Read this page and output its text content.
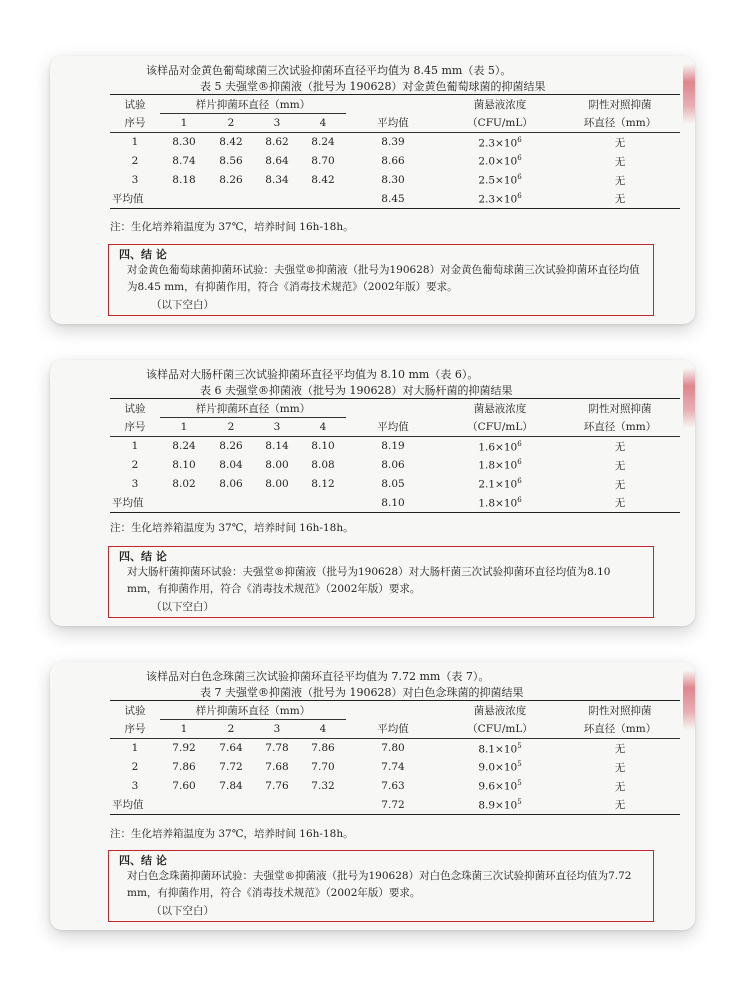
该样品对金黄色葡萄球菌三次试验抑菌环直径平均值为 8.45 mm（表 5）。
表 5 夫强堂®抑菌液（批号为 190628）对金黄色葡萄球菌的抑菌结果
试验	样片抑菌环直径（mm）					菌悬液浓度	阴性对照抑菌
序号	1	2	3	4	平均值	（CFU/mL）	环直径（mm）
1	8.30	8.42	8.62	8.24	8.39	$2.3\times 10^6$	无
2	8.74	8.56	8.64	8.70	8.66	$2.0\times 10^6$	无
3	8.18	8.26	8.34	8.42	8.30	$2.5\times 10^6$	无
平均值					8.45	$2.3\times 10^6$	无
注：生化培养箱温度为 37℃，培养时间 16h-18h。
四、结 论
对金黄色葡萄球菌抑菌环试验：夫强堂®抑菌液（批号为190628）对金黄色葡萄球菌三次试验抑菌环直径均值为8.45 mm，有抑菌作用，符合《消毒技术规范》（2002年版）要求。
（以下空白）
该样品对大肠杆菌三次试验抑菌环直径平均值为 8.10 mm（表 6）。
表 6 夫强堂®抑菌液（批号为 190628）对大肠杆菌的抑菌结果
试验	样片抑菌环直径（mm）					菌悬液浓度	阴性对照抑菌
序号	1	2	3	4	平均值	（CFU/mL）	环直径（mm）
1	8.24	8.26	8.14	8.10	8.19	$1.6\times 10^6$	无
2	8.10	8.04	8.00	8.08	8.06	$1.8\times 10^6$	无
3	8.02	8.06	8.00	8.12	8.05	$2.1\times 10^6$	无
平均值					8.10	$1.8\times 10^6$	无
注：生化培养箱温度为 37℃，培养时间 16h-18h。
四、结 论
对大肠杆菌抑菌环试验：夫强堂®抑菌液（批号为190628）对大肠杆菌三次试验抑菌环直径均值为8.10 mm，有抑菌作用，符合《消毒技术规范》（2002年版）要求。
（以下空白）
该样品对白色念珠菌三次试验抑菌环直径平均值为 7.72 mm（表 7）。
表 7 夫强堂®抑菌液（批号为 190628）对白色念珠菌的抑菌结果
试验	样片抑菌环直径（mm）					菌悬液浓度	阴性对照抑菌
序号	1	2	3	4	平均值	（CFU/mL）	环直径（mm）
1	7.92	7.64	7.78	7.86	7.80	$8.1\times 10^5$	无
2	7.86	7.72	7.68	7.70	7.74	$9.0\times 10^5$	无
3	7.60	7.84	7.76	7.32	7.63	$9.6\times 10^5$	无
平均值					7.72	$8.9\times 10^5$	无
注：生化培养箱温度为 37℃，培养时间 16h-18h。
四、结 论
对白色念珠菌抑菌环试验：夫强堂®抑菌液（批号为190628）对白色念珠菌三次试验抑菌环直径均值为7.72 mm，有抑菌作用，符合《消毒技术规范》（2002年版）要求。
（以下空白）
